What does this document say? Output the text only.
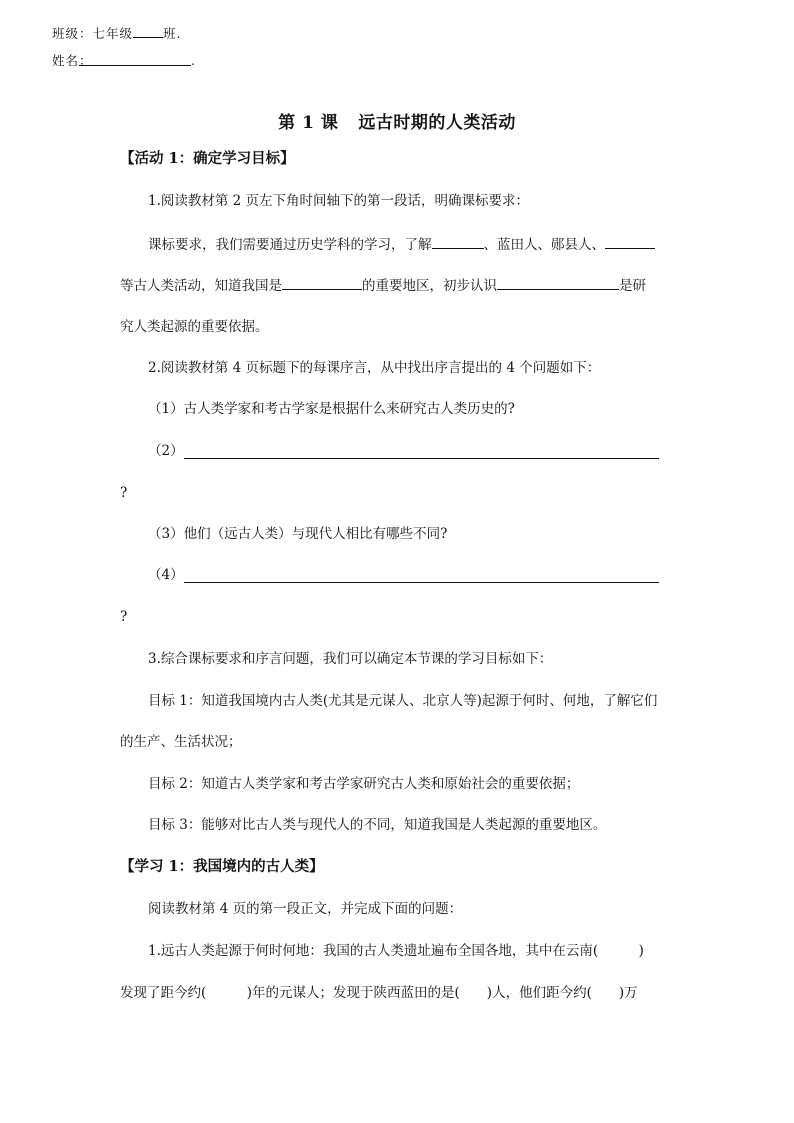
班级：七年级 班.
姓名：	.
第 1 课 远古时期的人类活动
【活动 1：确定学习目标】
1.阅读教材第 2 页左下角时间轴下的第一段话，明确课标要求：
课标要求，我们需要通过历史学科的学习，了解	、蓝田人、郧县人、
等古人类活动，知道我国是	的重要地区，初步认识	是研
究人类起源的重要依据。
2.阅读教材第 4 页标题下的每课序言，从中找出序言提出的 4 个问题如下：
（1）古人类学家和考古学家是根据什么来研究古人类历史的?
（2）
?
（3）他们（远古人类）与现代人相比有哪些不同?
（4）
?
3.综合课标要求和序言问题，我们可以确定本节课的学习目标如下：
目标 1：知道我国境内古人类(尤其是元谋人、北京人等)起源于何时、何地，了解它们
的生产、生活状况；
目标 2：知道古人类学家和考古学家研究古人类和原始社会的重要依据；
目标 3：能够对比古人类与现代人的不同，知道我国是人类起源的重要地区。
【学习 1：我国境内的古人类】
阅读教材第 4 页的第一段正文，并完成下面的问题：
1.远古人类起源于何时何地：我国的古人类遗址遍布全国各地，其中在云南(　　　)
发现了距今约(　　　)年的元谋人；发现于陕西蓝田的是(　　)人，他们距今约(　　)万
